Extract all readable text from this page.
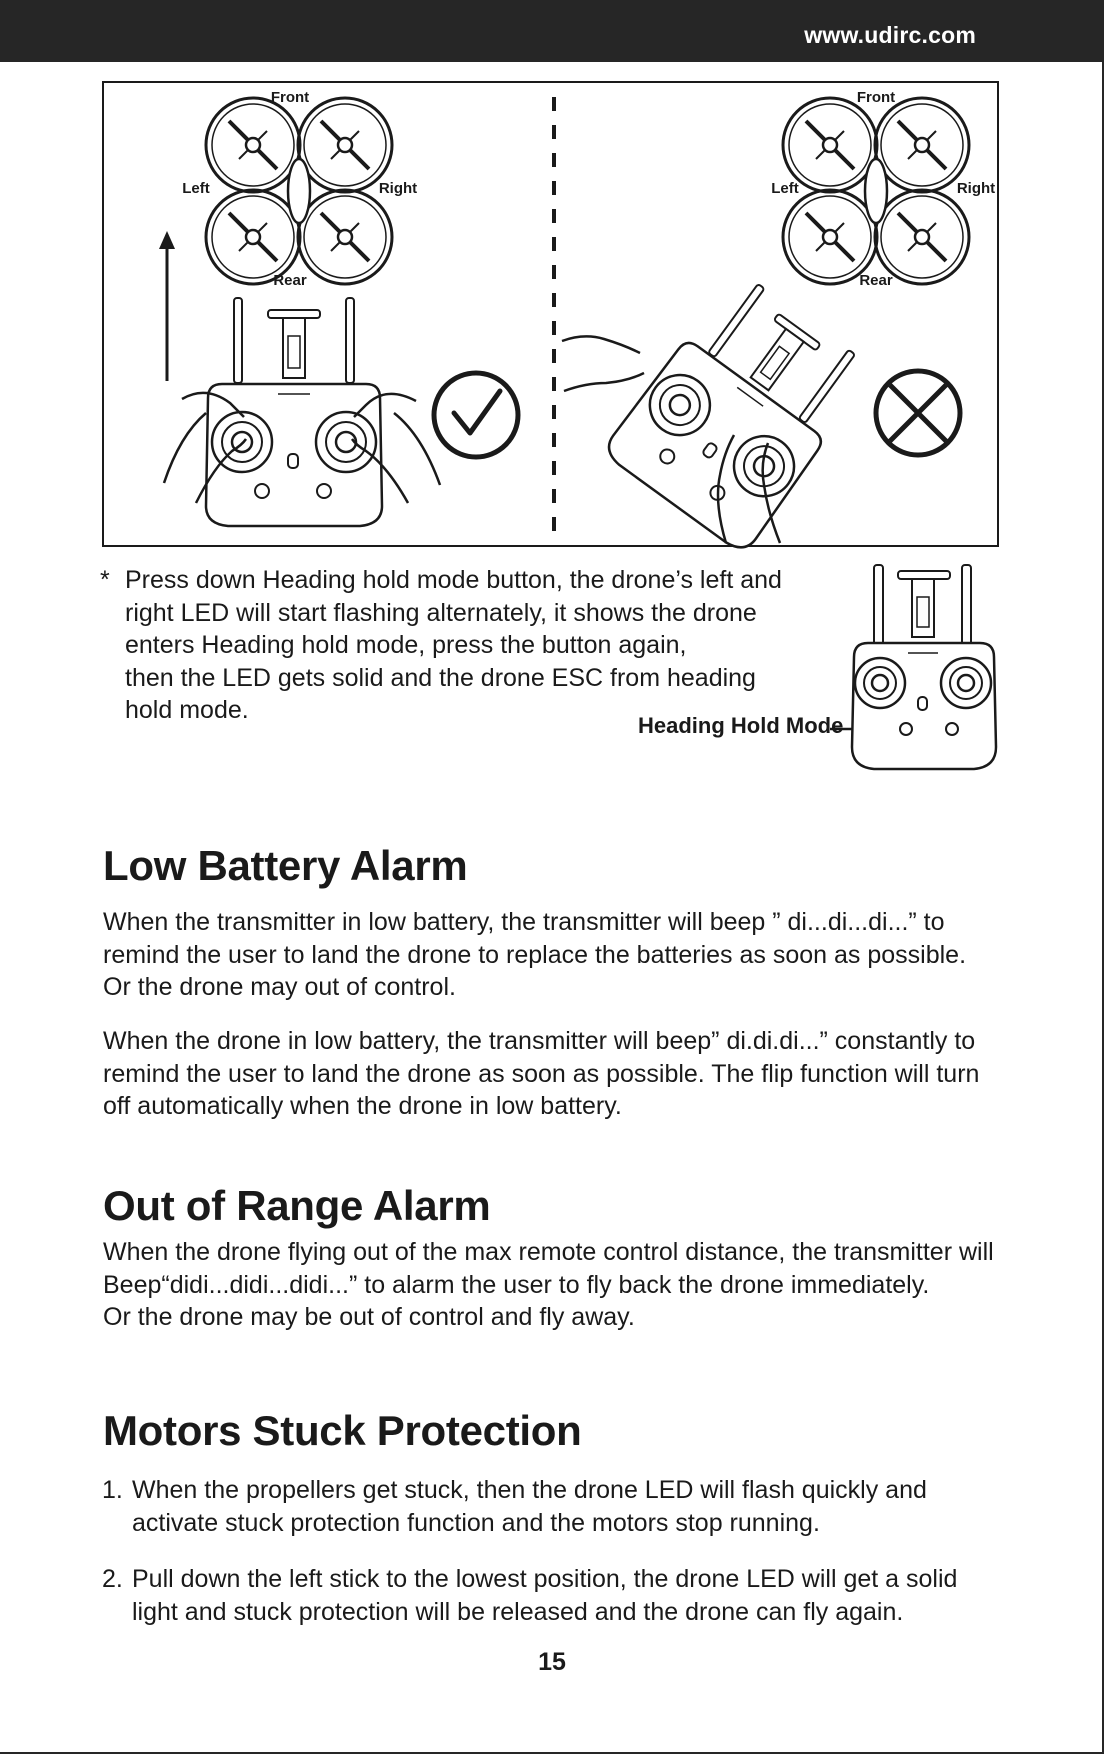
www.udirc.com
Front
Rear
Left	Right
Front
Rear
Left	Right
* Press down Heading hold mode button, the drone’s left and
right LED will start flashing alternately, it shows the drone
enters Heading hold mode, press the button again,
then the LED gets solid and the drone ESC from heading
hold mode.
Heading Hold Mode
Low Battery Alarm

When the transmitter in low battery, the transmitter will beep ” di...di...di...” to
remind the user to land the drone to replace the batteries as soon as possible.
Or the drone may out of control.

When the drone in low battery, the transmitter will beep” di.di.di...” constantly to
remind the user to land the drone as soon as possible. The flip function will turn
off automatically when the drone in low battery.

Out of Range Alarm

When the drone flying out of the max remote control distance, the transmitter will
Beep“didi...didi...didi...” to alarm the user to fly back the drone immediately.
Or the drone may be out of control and fly away.

Motors Stuck Protection
1. When the propellers get stuck, then the drone LED will flash quickly and
activate stuck protection function and the motors stop running.
2. Pull down the left stick to the lowest position, the drone LED will get a solid
light and stuck protection will be released and the drone can fly again.
15
